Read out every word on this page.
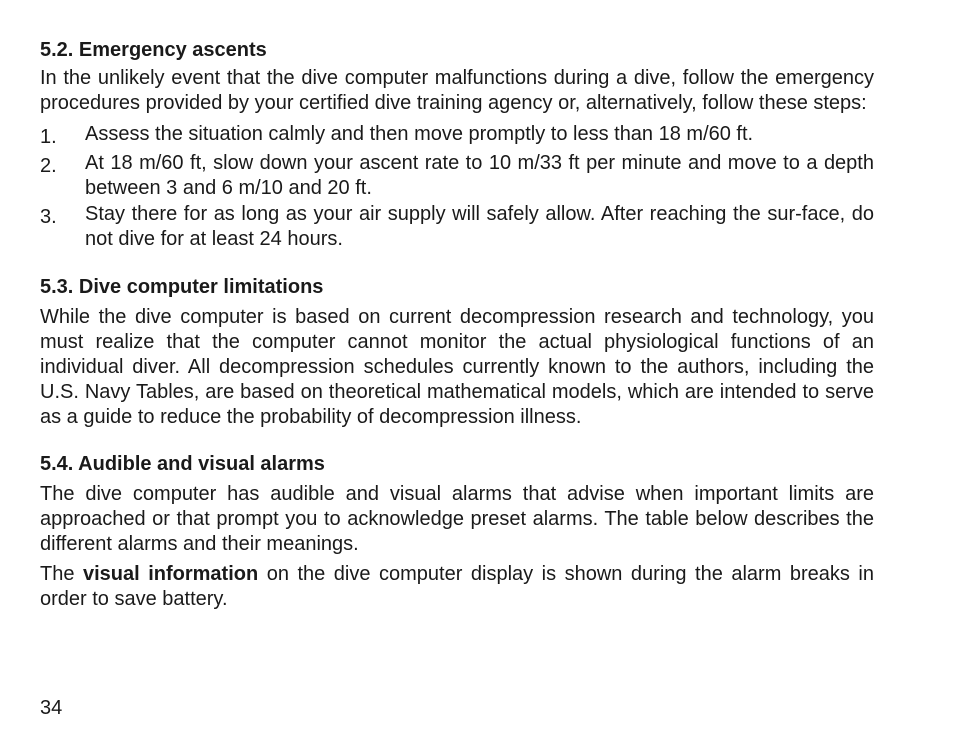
5.2. Emergency ascents

In the unlikely event that the dive computer malfunctions during a dive, follow the emergency procedures provided by your certified dive training agency or, alternatively, follow these steps:

1.	Assess the situation calmly and then move promptly to less than 18 m/60 ft.
2.	At 18 m/60 ft, slow down your ascent rate to 10 m/33 ft per minute and move to a depth between 3 and 6 m/10 and 20 ft.
3.	Stay there for as long as your air supply will safely allow. After reaching the sur-face, do not dive for at least 24 hours.
5.3. Dive computer limitations

While the dive computer is based on current decompression research and technology, you must realize that the computer cannot monitor the actual physiological functions of an individual diver. All decompression schedules currently known to the authors, including the U.S. Navy Tables, are based on theoretical mathematical models, which are intended to serve as a guide to reduce the probability of decompression illness.

5.4. Audible and visual alarms

The dive computer has audible and visual alarms that advise when important limits are approached or that prompt you to acknowledge preset alarms. The table below describes the different alarms and their meanings.

The visual information on the dive computer display is shown during the alarm breaks in order to save battery.

34
